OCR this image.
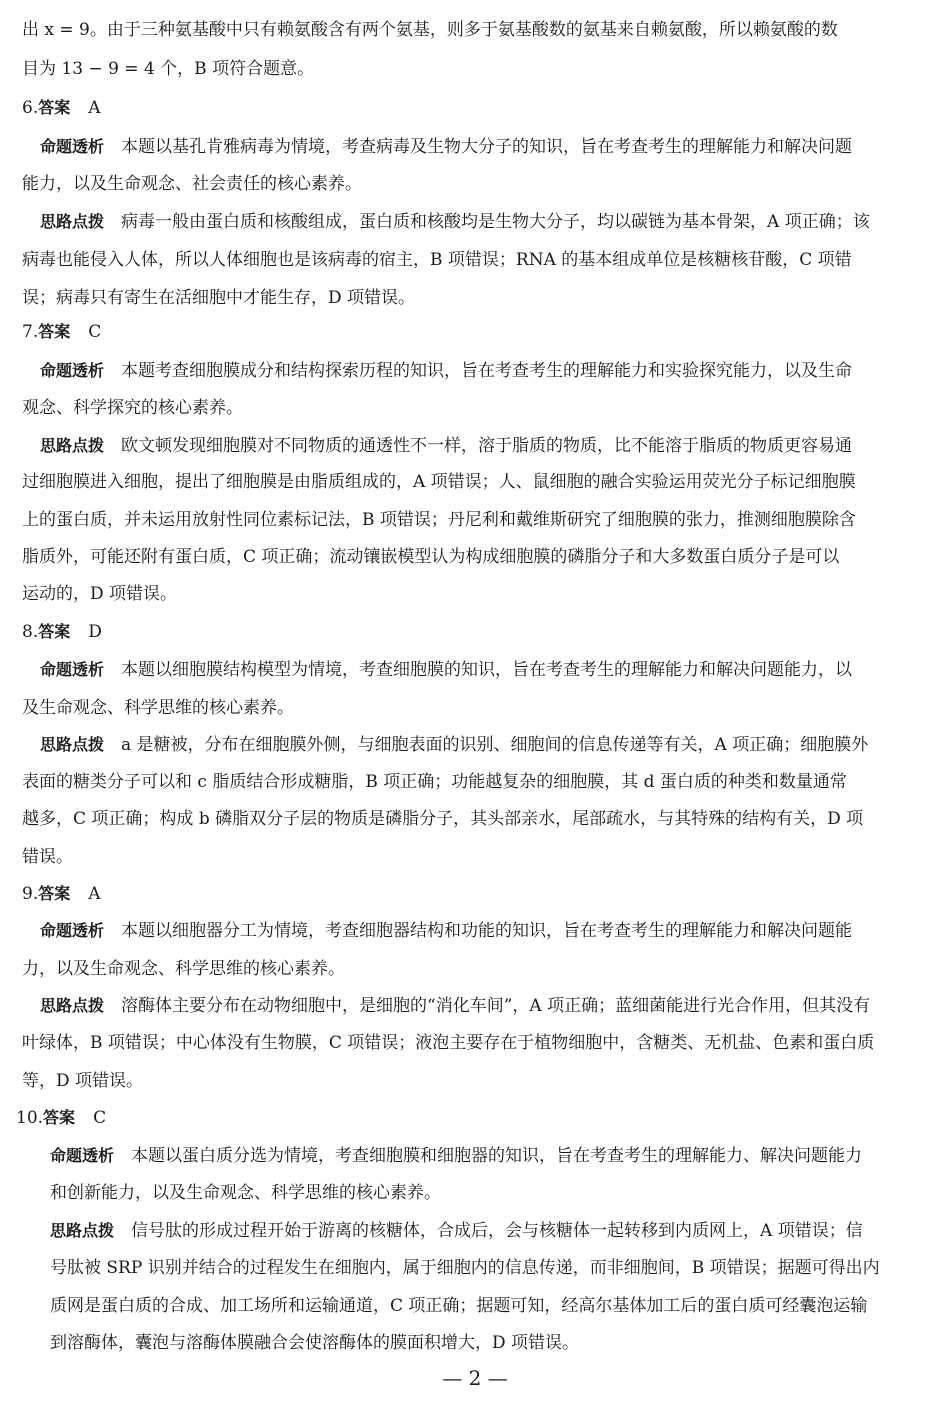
出 x = 9。由于三种氨基酸中只有赖氨酸含有两个氨基，则多于氨基酸数的氨基来自赖氨酸，所以赖氨酸的数
目为 13 − 9 = 4 个，B 项符合题意。
6.答案 A
命题透析　 本题以基孔肯雅病毒为情境，考查病毒及生物大分子的知识，旨在考查考生的理解能力和解决问题
能力，以及生命观念、社会责任的核心素养。
思路点拨　 病毒一般由蛋白质和核酸组成，蛋白质和核酸均是生物大分子，均以碳链为基本骨架，A 项正确；该
病毒也能侵入人体，所以人体细胞也是该病毒的宿主，B 项错误；RNA 的基本组成单位是核糖核苷酸，C 项错
误；病毒只有寄生在活细胞中才能生存，D 项错误。
7.答案 C
命题透析　 本题考查细胞膜成分和结构探索历程的知识，旨在考查考生的理解能力和实验探究能力，以及生命
观念、科学探究的核心素养。
思路点拨　 欧文顿发现细胞膜对不同物质的通透性不一样，溶于脂质的物质，比不能溶于脂质的物质更容易通
过细胞膜进入细胞，提出了细胞膜是由脂质组成的，A 项错误；人、鼠细胞的融合实验运用荧光分子标记细胞膜
上的蛋白质，并未运用放射性同位素标记法，B 项错误；丹尼利和戴维斯研究了细胞膜的张力，推测细胞膜除含
脂质外，可能还附有蛋白质，C 项正确；流动镶嵌模型认为构成细胞膜的磷脂分子和大多数蛋白质分子是可以
运动的，D 项错误。
8.答案 D
命题透析　 本题以细胞膜结构模型为情境，考查细胞膜的知识，旨在考查考生的理解能力和解决问题能力，以
及生命观念、科学思维的核心素养。
思路点拨　 a 是糖被，分布在细胞膜外侧，与细胞表面的识别、细胞间的信息传递等有关，A 项正确；细胞膜外
表面的糖类分子可以和 c 脂质结合形成糖脂，B 项正确；功能越复杂的细胞膜，其 d 蛋白质的种类和数量通常
越多，C 项正确；构成 b 磷脂双分子层的物质是磷脂分子，其头部亲水，尾部疏水，与其特殊的结构有关，D 项
错误。
9.答案 A
命题透析　 本题以细胞器分工为情境，考查细胞器结构和功能的知识，旨在考查考生的理解能力和解决问题能
力，以及生命观念、科学思维的核心素养。
思路点拨　 溶酶体主要分布在动物细胞中，是细胞的“消化车间”，A 项正确；蓝细菌能进行光合作用，但其没有
叶绿体，B 项错误；中心体没有生物膜，C 项错误；液泡主要存在于植物细胞中，含糖类、无机盐、色素和蛋白质
等，D 项错误。
10.答案 C
命题透析　 本题以蛋白质分选为情境，考查细胞膜和细胞器的知识，旨在考查考生的理解能力、解决问题能力
和创新能力，以及生命观念、科学思维的核心素养。
思路点拨　 信号肽的形成过程开始于游离的核糖体，合成后，会与核糖体一起转移到内质网上，A 项错误；信
号肽被 SRP 识别并结合的过程发生在细胞内，属于细胞内的信息传递，而非细胞间，B 项错误；据题可得出内
质网是蛋白质的合成、加工场所和运输通道，C 项正确；据题可知，经高尔基体加工后的蛋白质可经囊泡运输
到溶酶体，囊泡与溶酶体膜融合会使溶酶体的膜面积增大，D 项错误。
— 2 —
